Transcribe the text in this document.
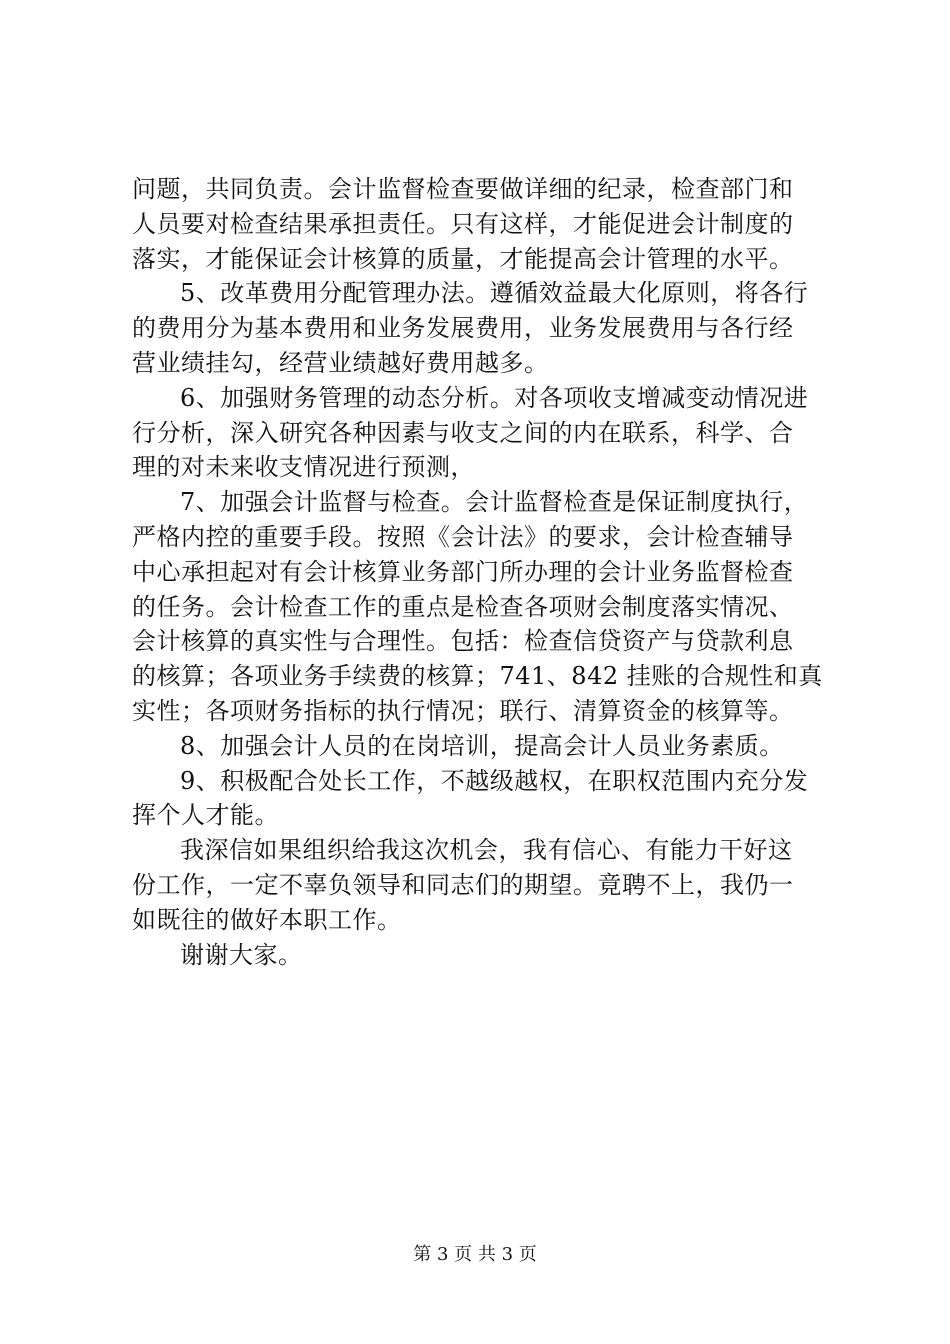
问题，共同负责。会计监督检查要做详细的纪录，检查部门和
人员要对检查结果承担责任。只有这样，才能促进会计制度的
落实，才能保证会计核算的质量，才能提高会计管理的水平。

5、改革费用分配管理办法。遵循效益最大化原则，将各行
的费用分为基本费用和业务发展费用，业务发展费用与各行经
营业绩挂勾，经营业绩越好费用越多。

6、加强财务管理的动态分析。对各项收支增减变动情况进
行分析，深入研究各种因素与收支之间的内在联系，科学、合
理的对未来收支情况进行预测，

7、加强会计监督与检查。会计监督检查是保证制度执行，
严格内控的重要手段。按照《会计法》的要求，会计检查辅导
中心承担起对有会计核算业务部门所办理的会计业务监督检查
的任务。会计检查工作的重点是检查各项财会制度落实情况、
会计核算的真实性与合理性。包括：检查信贷资产与贷款利息
的核算；各项业务手续费的核算；741、842 挂账的合规性和真
实性；各项财务指标的执行情况；联行、清算资金的核算等。

8、加强会计人员的在岗培训，提高会计人员业务素质。

9、积极配合处长工作，不越级越权，在职权范围内充分发
挥个人才能。

我深信如果组织给我这次机会，我有信心、有能力干好这
份工作，一定不辜负领导和同志们的期望。竟聘不上，我仍一
如既往的做好本职工作。

谢谢大家。

第 3 页 共 3 页
